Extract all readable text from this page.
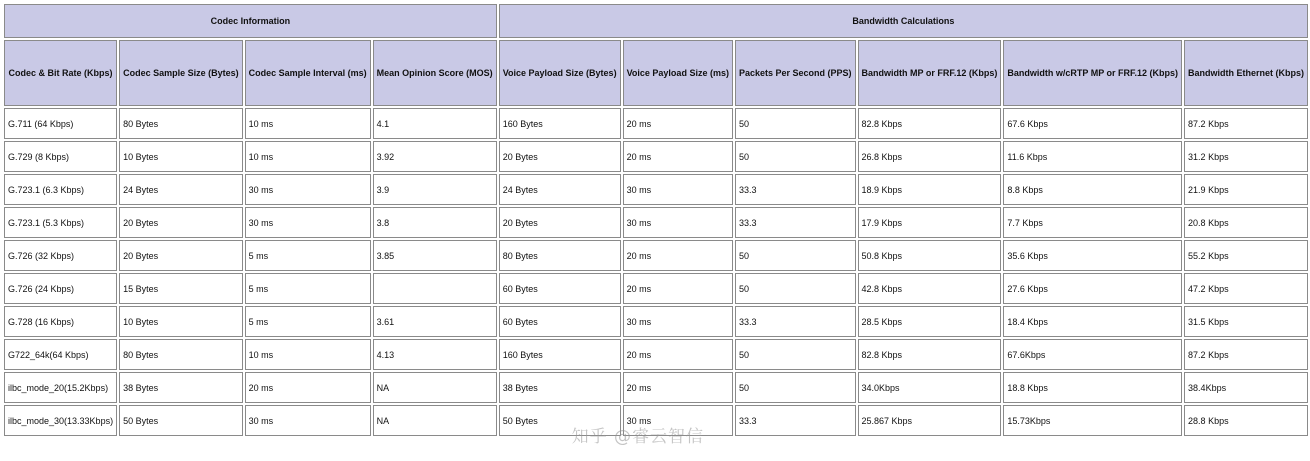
Codec Information				Bandwidth Calculations					
Codec & Bit Rate (Kbps)	Codec Sample Size (Bytes)	Codec Sample Interval (ms)	Mean Opinion Score (MOS)	Voice Payload Size (Bytes)	Voice Payload Size (ms)	Packets Per Second (PPS)	Bandwidth MP or FRF.12 (Kbps)	Bandwidth w/cRTP MP or FRF.12 (Kbps)	Bandwidth Ethernet (Kbps)
G.711 (64 Kbps)	80 Bytes	10 ms	4.1	160 Bytes	20 ms	50	82.8 Kbps	67.6 Kbps	87.2 Kbps
G.729 (8 Kbps)	10 Bytes	10 ms	3.92	20 Bytes	20 ms	50	26.8 Kbps	11.6 Kbps	31.2 Kbps
G.723.1 (6.3 Kbps)	24 Bytes	30 ms	3.9	24 Bytes	30 ms	33.3	18.9 Kbps	8.8 Kbps	21.9 Kbps
G.723.1 (5.3 Kbps)	20 Bytes	30 ms	3.8	20 Bytes	30 ms	33.3	17.9 Kbps	7.7 Kbps	20.8 Kbps
G.726 (32 Kbps)	20 Bytes	5 ms	3.85	80 Bytes	20 ms	50	50.8 Kbps	35.6 Kbps	55.2 Kbps
G.726 (24 Kbps)	15 Bytes	5 ms		60 Bytes	20 ms	50	42.8 Kbps	27.6 Kbps	47.2 Kbps
G.728 (16 Kbps)	10 Bytes	5 ms	3.61	60 Bytes	30 ms	33.3	28.5 Kbps	18.4 Kbps	31.5 Kbps
G722_64k(64 Kbps)	80 Bytes	10 ms	4.13	160 Bytes	20 ms	50	82.8 Kbps	67.6Kbps	87.2 Kbps
ilbc_mode_20(15.2Kbps)	38 Bytes	20 ms	NA	38 Bytes	20 ms	50	34.0Kbps	18.8 Kbps	38.4Kbps
ilbc_mode_30(13.33Kbps)	50 Bytes	30 ms	NA	50 Bytes	30 ms	33.3	25.867 Kbps	15.73Kbps	28.8 Kbps
知乎 @睿云智信
